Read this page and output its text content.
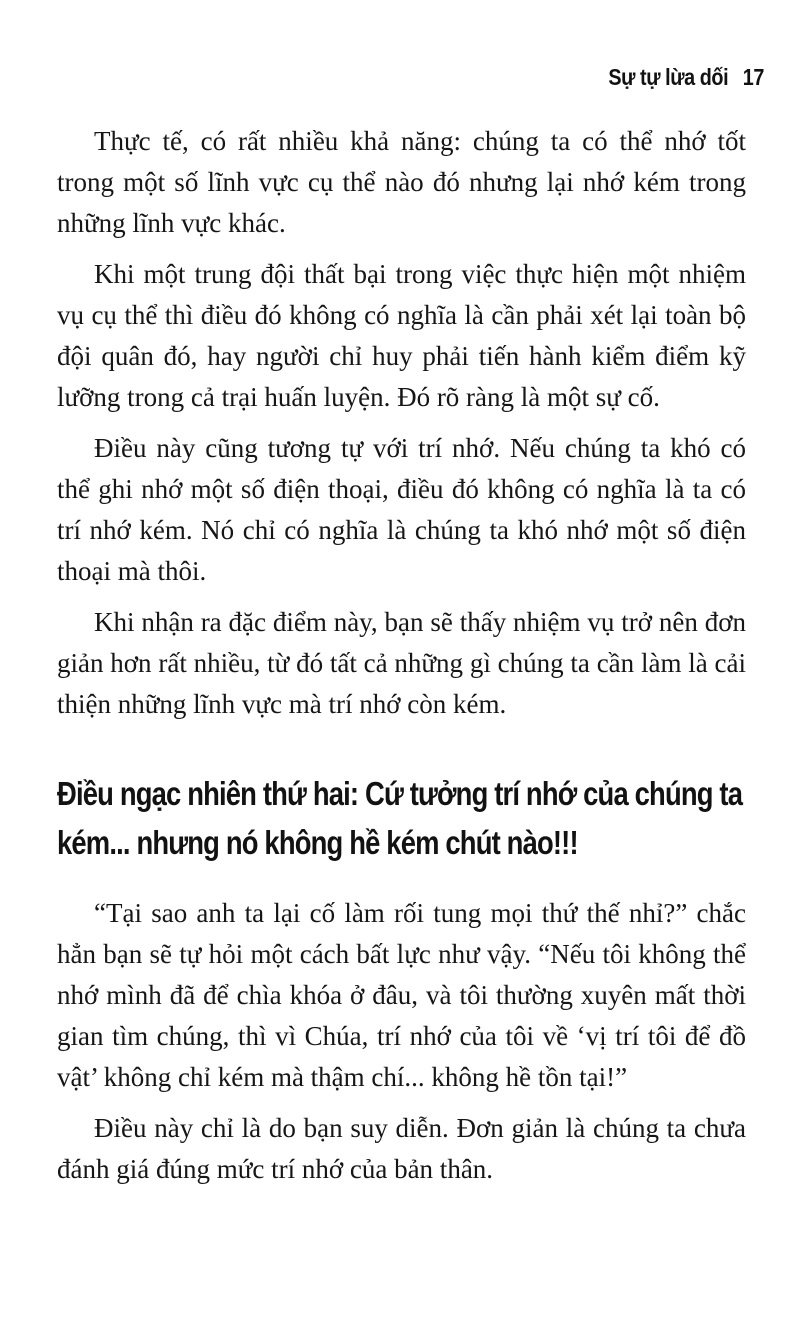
Sự tự lừa dối 17

Thực tế, có rất nhiều khả năng: chúng ta có thể nhớ tốt trong một số lĩnh vực cụ thể nào đó nhưng lại nhớ kém trong những lĩnh vực khác.

Khi một trung đội thất bại trong việc thực hiện một nhiệm vụ cụ thể thì điều đó không có nghĩa là cần phải xét lại toàn bộ đội quân đó, hay người chỉ huy phải tiến hành kiểm điểm kỹ lưỡng trong cả trại huấn luyện. Đó rõ ràng là một sự cố.

Điều này cũng tương tự với trí nhớ. Nếu chúng ta khó có thể ghi nhớ một số điện thoại, điều đó không có nghĩa là ta có trí nhớ kém. Nó chỉ có nghĩa là chúng ta khó nhớ một số điện thoại mà thôi.

Khi nhận ra đặc điểm này, bạn sẽ thấy nhiệm vụ trở nên đơn giản hơn rất nhiều, từ đó tất cả những gì chúng ta cần làm là cải thiện những lĩnh vực mà trí nhớ còn kém.

Điều ngạc nhiên thứ hai: Cứ tưởng trí nhớ của chúng ta kém... nhưng nó không hề kém chút nào!!!

“Tại sao anh ta lại cố làm rối tung mọi thứ thế nhỉ?” chắc hẳn bạn sẽ tự hỏi một cách bất lực như vậy. “Nếu tôi không thể nhớ mình đã để chìa khóa ở đâu, và tôi thường xuyên mất thời gian tìm chúng, thì vì Chúa, trí nhớ của tôi về ‘vị trí tôi để đồ vật’ không chỉ kém mà thậm chí... không hề tồn tại!”

Điều này chỉ là do bạn suy diễn. Đơn giản là chúng ta chưa đánh giá đúng mức trí nhớ của bản thân.
